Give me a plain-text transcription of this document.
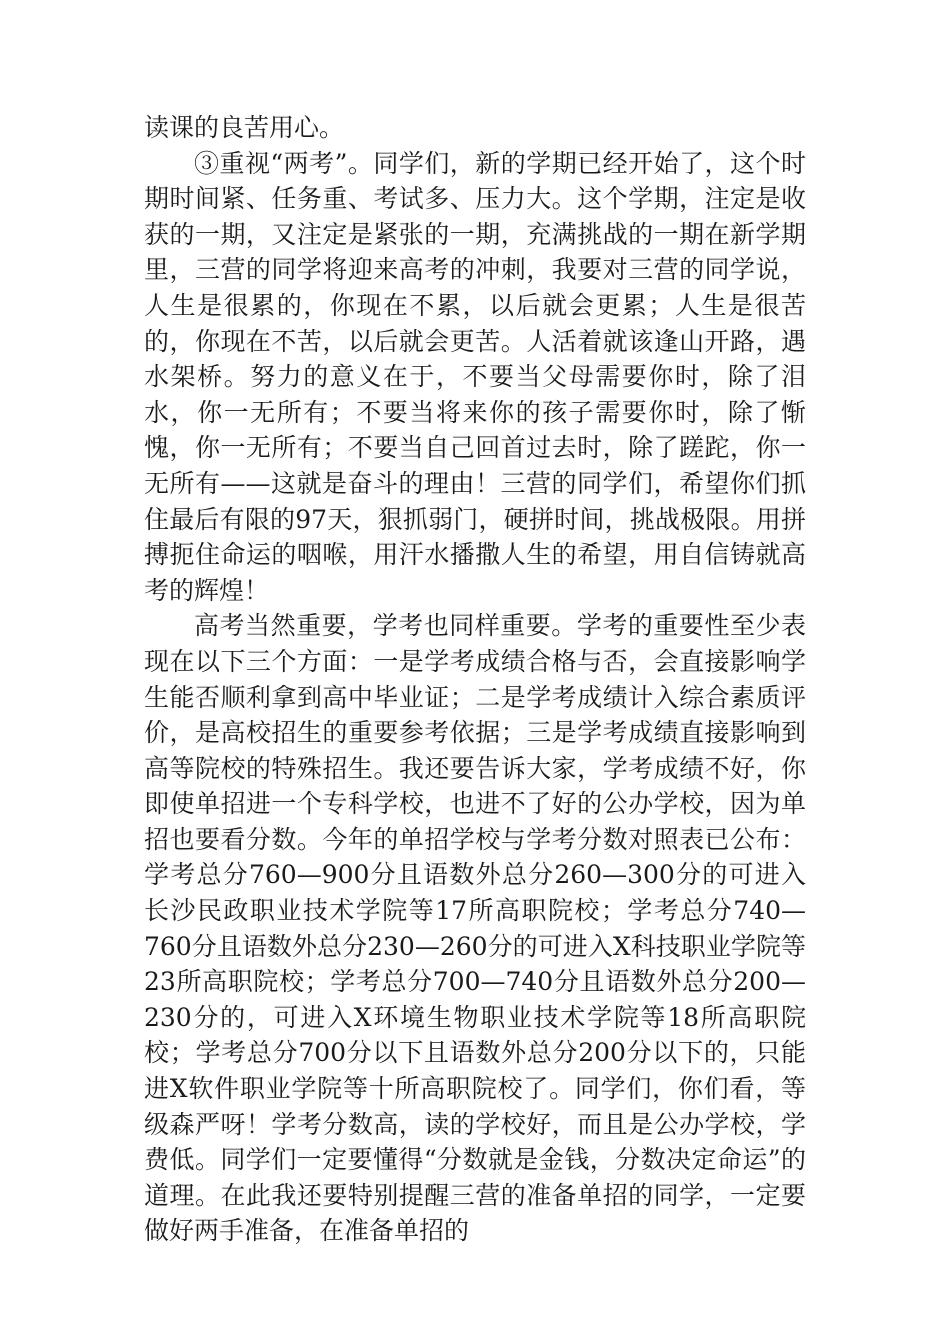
读课的良苦用心。

③重视“两考”。同学们，新的学期已经开始了，这个时期时间紧、任务重、考试多、压力大。这个学期，注定是收获的一期，又注定是紧张的一期，充满挑战的一期在新学期里，三营的同学将迎来高考的冲刺，我要对三营的同学说，人生是很累的，你现在不累，以后就会更累；人生是很苦的，你现在不苦，以后就会更苦。人活着就该逢山开路，遇水架桥。努力的意义在于，不要当父母需要你时，除了泪水，你一无所有；不要当将来你的孩子需要你时，除了惭愧，你一无所有；不要当自己回首过去时，除了蹉跎，你一无所有——这就是奋斗的理由！三营的同学们，希望你们抓住最后有限的97天，狠抓弱门，硬拼时间，挑战极限。用拼搏扼住命运的咽喉，用汗水播撒人生的希望，用自信铸就高考的辉煌！

高考当然重要，学考也同样重要。学考的重要性至少表现在以下三个方面：一是学考成绩合格与否，会直接影响学生能否顺利拿到高中毕业证；二是学考成绩计入综合素质评价，是高校招生的重要参考依据；三是学考成绩直接影响到高等院校的特殊招生。我还要告诉大家，学考成绩不好，你即使单招进一个专科学校，也进不了好的公办学校，因为单招也要看分数。今年的单招学校与学考分数对照表已公布：学考总分760—900分且语数外总分260—300分的可进入长沙民政职业技术学院等17所高职院校；学考总分740—760分且语数外总分230—260分的可进入X科技职业学院等23所高职院校；学考总分700—740分且语数外总分200—230分的，可进入X环境生物职业技术学院等18所高职院校；学考总分700分以下且语数外总分200分以下的，只能进X软件职业学院等十所高职院校了。同学们，你们看，等级森严呀！学考分数高，读的学校好，而且是公办学校，学费低。同学们一定要懂得“分数就是金钱，分数决定命运”的道理。在此我还要特别提醒三营的准备单招的同学，一定要做好两手准备，在准备单招的
